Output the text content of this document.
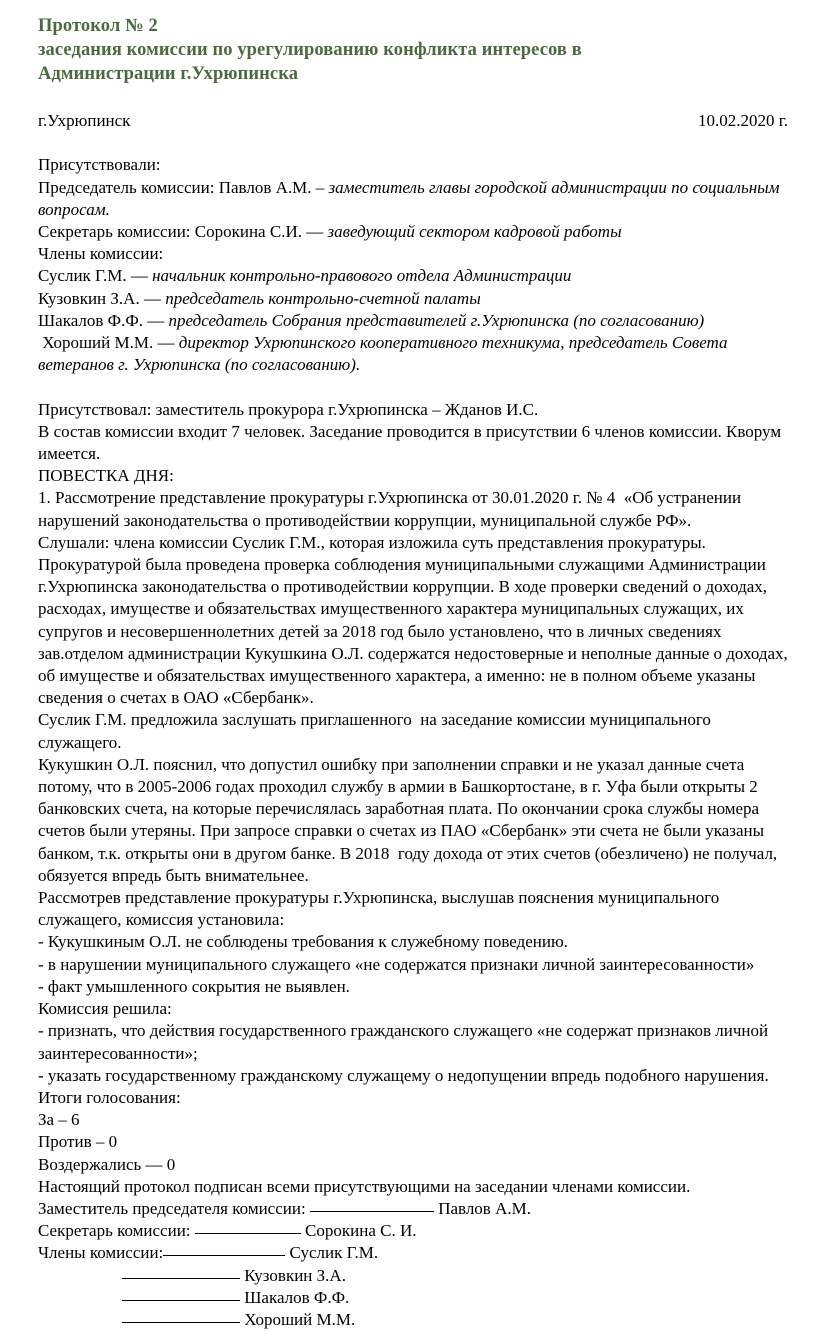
Протокол № 2
заседания комиссии по урегулированию конфликта интересов в
Администрации г.Ухрюпинска
г.Ухрюпинск	10.02.2020 г.
Присутствовали:
Председатель комиссии: Павлов А.М. – заместитель главы городской администрации по социальным вопросам.
Секретарь комиссии: Сорокина С.И. — заведующий сектором кадровой работы
Члены комиссии:
Суслик Г.М. — начальник контрольно-правового отдела Администрации
Кузовкин З.А. — председатель контрольно-счетной палаты
Шакалов Ф.Ф. — председатель Собрания представителей г.Ухрюпинска (по согласованию)
Хороший М.М. — директор Ухрюпинского кооперативного техникума, председатель Совета ветеранов г. Ухрюпинска (по согласованию).
Присутствовал: заместитель прокурора г.Ухрюпинска – Жданов И.С.
В состав комиссии входит 7 человек. Заседание проводится в присутствии 6 членов комиссии. Кворум имеется.
ПОВЕСТКА ДНЯ:
1. Рассмотрение представление прокуратуры г.Ухрюпинска от 30.01.2020 г. № 4  «Об устранении нарушений законодательства о противодействии коррупции, муниципальной службе РФ».
Слушали: члена комиссии Суслик Г.М., которая изложила суть представления прокуратуры.
Прокуратурой была проведена проверка соблюдения муниципальными служащими Администрации г.Ухрюпинска законодательства о противодействии коррупции. В ходе проверки сведений о доходах, расходах, имуществе и обязательствах имущественного характера муниципальных служащих, их супругов и несовершеннолетних детей за 2018 год было установлено, что в личных сведениях зав.отделом администрации Кукушкина О.Л. содержатся недостоверные и неполные данные о доходах, об имуществе и обязательствах имущественного характера, а именно: не в полном объеме указаны сведения о счетах в ОАО «Сбербанк».
Суслик Г.М. предложила заслушать приглашенного  на заседание комиссии муниципального служащего.
Кукушкин О.Л. пояснил, что допустил ошибку при заполнении справки и не указал данные счета потому, что в 2005-2006 годах проходил службу в армии в Башкортостане, в г. Уфа были открыты 2 банковских счета, на которые перечислялась заработная плата. По окончании срока службы номера счетов были утеряны. При запросе справки о счетах из ПАО «Сбербанк» эти счета не были указаны банком, т.к. открыты они в другом банке. В 2018  году дохода от этих счетов (обезличено) не получал, обязуется впредь быть внимательнее.
Рассмотрев представление прокуратуры г.Ухрюпинска, выслушав пояснения муниципального служащего, комиссия установила:
- Кукушкиным О.Л. не соблюдены требования к служебному поведению.
- в нарушении муниципального служащего «не содержатся признаки личной заинтересованности»
- факт умышленного сокрытия не выявлен.
Комиссия решила:
- признать, что действия государственного гражданского служащего «не содержат признаков личной заинтересованности»;
- указать государственному гражданскому служащему о недопущении впредь подобного нарушения.
Итоги голосования:
За – 6
Против – 0
Воздержались — 0
Настоящий протокол подписан всеми присутствующими на заседании членами комиссии.
Заместитель председателя комиссии:	Павлов А.М.
Секретарь комиссии:	Сорокина С. И.
Члены комиссии:	Суслик Г.М.
Кузовкин З.А.
Шакалов Ф.Ф.
Хороший М.М.
